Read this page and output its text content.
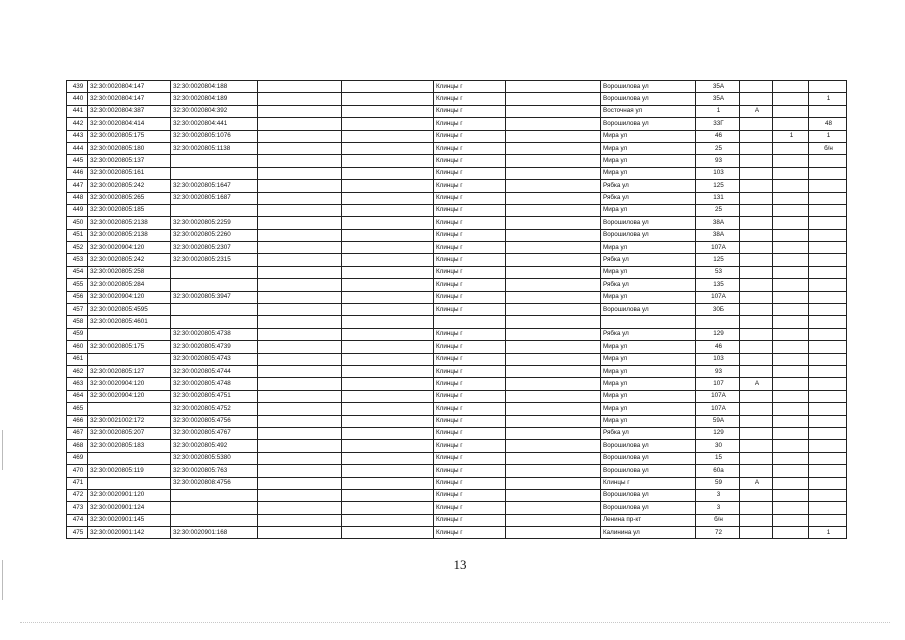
439	32:30:0020804:147	32:30:0020804:188			Клинцы г		Ворошилова ул	35А			
440	32:30:0020804:147	32:30:0020804:189			Клинцы г		Ворошилова ул	35А			1
441	32:30:0020804:387	32:30:0020804:392			Клинцы г		Восточная ул	1	А		
442	32:30:0020804:414	32:30:0020804:441			Клинцы г		Ворошилова ул	33Г			48
443	32:30:0020805:175	32:30:0020805:1076			Клинцы г		Мира ул	46		1	1
444	32:30:0020805:180	32:30:0020805:1138			Клинцы г		Мира ул	25			б/н
445	32:30:0020805:137				Клинцы г		Мира ул	93			
446	32:30:0020805:161				Клинцы г		Мира ул	103			
447	32:30:0020805:242	32:30:0020805:1647			Клинцы г		Рябка ул	125			
448	32:30:0020805:265	32:30:0020805:1687			Клинцы г		Рябка ул	131			
449	32:30:0020805:185				Клинцы г		Мира ул	25			
450	32:30:0020805:2138	32:30:0020805:2259			Клинцы г		Ворошилова ул	38А			
451	32:30:0020805:2138	32:30:0020805:2260			Клинцы г		Ворошилова ул	38А			
452	32:30:0020904:120	32:30:0020805:2307			Клинцы г		Мира ул	107А			
453	32:30:0020805:242	32:30:0020805:2315			Клинцы г		Рябка ул	125			
454	32:30:0020805:258				Клинцы г		Мира ул	53			
455	32:30:0020805:284				Клинцы г		Рябка ул	135			
456	32:30:0020904:120	32:30:0020805:3947			Клинцы г		Мира ул	107А			
457	32:30:0020805:4595				Клинцы г		Ворошилова ул	30Б			
458	32:30:0020805:4601										
459		32:30:0020805:4738			Клинцы г		Рябка ул	129			
460	32:30:0020805:175	32:30:0020805:4739			Клинцы г		Мира ул	46			
461		32:30:0020805:4743			Клинцы г		Мира ул	103			
462	32:30:0020805:127	32:30:0020805:4744			Клинцы г		Мира ул	93			
463	32:30:0020904:120	32:30:0020805:4748			Клинцы г		Мира ул	107	А		
464	32:30:0020904:120	32:30:0020805:4751			Клинцы г		Мира ул	107А			
465		32:30:0020805:4752			Клинцы г		Мира ул	107А			
466	32:30:0021002:172	32:30:0020805:4756			Клинцы г		Мира ул	59А			
467	32:30:0020805:207	32:30:0020805:4767			Клинцы г		Рябка ул	129			
468	32:30:0020805:183	32:30:0020805:492			Клинцы г		Ворошилова ул	30			
469		32:30:0020805:5380			Клинцы г		Ворошилова ул	15			
470	32:30:0020805:119	32:30:0020805:763			Клинцы г		Ворошилова ул	60а			
471		32:30:0020808:4756			Клинцы г		Клинцы г	59	А		
472	32:30:0020901:120				Клинцы г		Ворошилова ул	3			
473	32:30:0020901:124				Клинцы г		Ворошилова ул	3			
474	32:30:0020901:145				Клинцы г		Ленина пр-кт	б/н			
475	32:30:0020901:142	32:30:0020901:168			Клинцы г		Калинина ул	72			1
13
